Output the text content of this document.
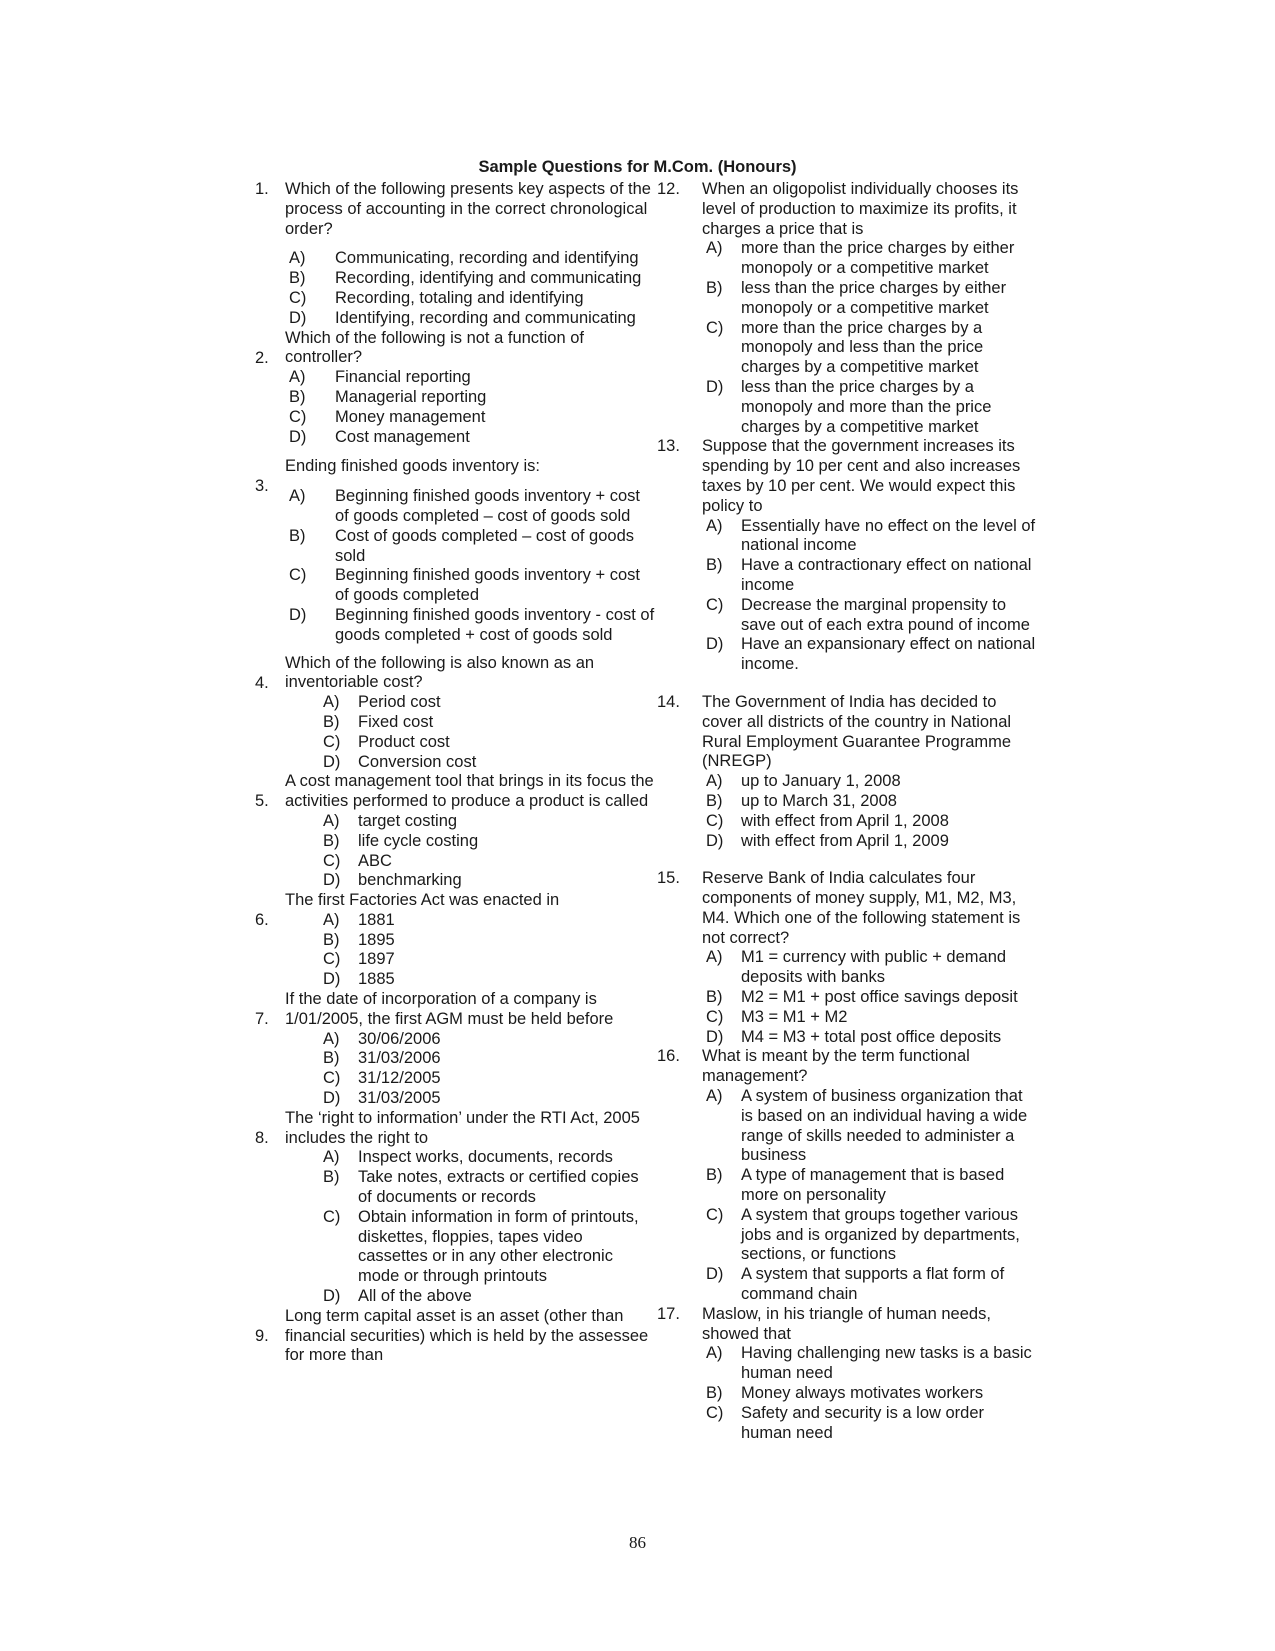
Sample Questions for M.Com. (Honours)
1. Which of the following presents key aspects of the process of accounting in the correct chronological order?
A) Communicating, recording and identifying
B) Recording, identifying and communicating
C) Recording, totaling and identifying
D) Identifying, recording and communicating
2.
Which of the following is not a function of controller?
A) Financial reporting
B) Managerial reporting
C) Money management
D) Cost management
3.
Ending finished goods inventory is:
A) Beginning finished goods inventory + cost of goods completed – cost of goods sold
B) Cost of goods completed – cost of goods sold
C) Beginning finished goods inventory + cost of goods completed
D) Beginning finished goods inventory - cost of goods completed + cost of goods sold
4.
Which of the following is also known as an inventoriable cost?
A) Period cost
B) Fixed cost
C) Product cost
D) Conversion cost
5.
A cost management tool that brings in its focus the activities performed to produce a product is called
A) target costing
B) life cycle costing
C) ABC
D) benchmarking
6.
The first Factories Act was enacted in
A) 1881
B) 1895
C) 1897
D) 1885
7.
If the date of incorporation of a company is 1/01/2005, the first AGM must be held before
A) 30/06/2006
B) 31/03/2006
C) 31/12/2005
D) 31/03/2005
8.
The ‘right to information’ under the RTI Act, 2005 includes the right to
A) Inspect works, documents, records
B) Take notes, extracts or certified copies of documents or records
C) Obtain information in form of printouts, diskettes, floppies, tapes video cassettes or in any other electronic mode or through printouts
D) All of the above
9.
Long term capital asset is an asset (other than financial securities) which is held by the assessee for more than
12. When an oligopolist individually chooses its level of production to maximize its profits, it charges a price that is
A) more than the price charges by either monopoly or a competitive market
B) less than the price charges by either monopoly or a competitive market
C) more than the price charges by a monopoly and less than the price charges by a competitive market
D) less than the price charges by a monopoly and more than the price charges by a competitive market
13. Suppose that the government increases its spending by 10 per cent and also increases taxes by 10 per cent. We would expect this policy to
A) Essentially have no effect on the level of national income
B) Have a contractionary effect on national income
C) Decrease the marginal propensity to save out of each extra pound of income
D) Have an expansionary effect on national income.
14. The Government of India has decided to cover all districts of the country in National Rural Employment Guarantee Programme (NREGP)
A) up to January 1, 2008
B) up to March 31, 2008
C) with effect from April 1, 2008
D) with effect from April 1, 2009
15. Reserve Bank of India calculates four components of money supply, M1, M2, M3, M4. Which one of the following statement is not correct?
A) M1 = currency with public + demand deposits with banks
B) M2 = M1 + post office savings deposit
C) M3 = M1 + M2
D) M4 = M3 + total post office deposits
16. What is meant by the term functional management?
A) A system of business organization that is based on an individual having a wide range of skills needed to administer a business
B) A type of management that is based more on personality
C) A system that groups together various jobs and is organized by departments, sections, or functions
D) A system that supports a flat form of command chain
17. Maslow, in his triangle of human needs, showed that
A) Having challenging new tasks is a basic human need
B) Money always motivates workers
C) Safety and security is a low order human need
86
